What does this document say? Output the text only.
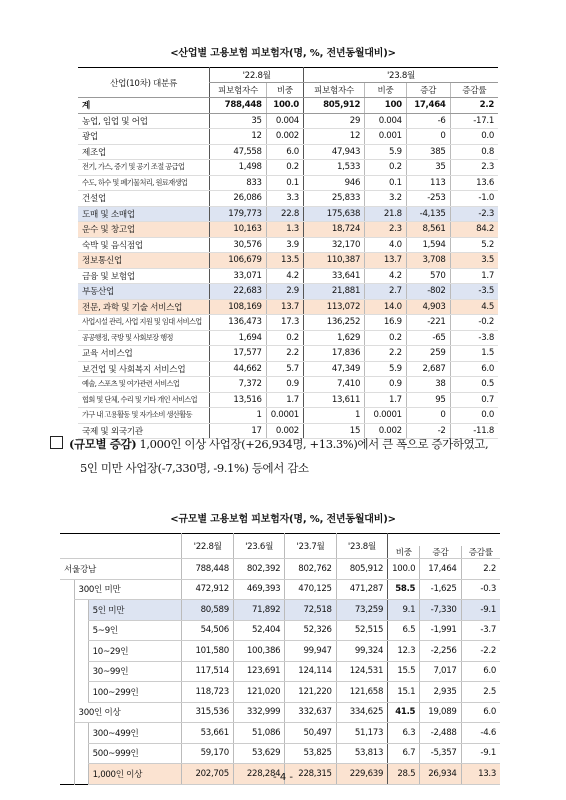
<산업별 고용보험 피보험자(명, %, 전년동월대비)>
산업(10차) 대분류	'22.8월		'23.8월			
	피보험자수	비중	피보험자수	비중	증감	증감률
계	788,448	100.0	805,912	100	17,464	2.2
농업, 임업 및 어업	35	0.004	29	0.004	-6	-17.1
광업	12	0.002	12	0.001	0	0.0
제조업	47,558	6.0	47,943	5.9	385	0.8
전기, 가스, 증기 및 공기 조절 공급업	1,498	0.2	1,533	0.2	35	2.3
수도, 하수 및 폐기물처리, 원료재생업	833	0.1	946	0.1	113	13.6
건설업	26,086	3.3	25,833	3.2	-253	-1.0
도매 및 소매업	179,773	22.8	175,638	21.8	-4,135	-2.3
운수 및 창고업	10,163	1.3	18,724	2.3	8,561	84.2
숙박 및 음식점업	30,576	3.9	32,170	4.0	1,594	5.2
정보통신업	106,679	13.5	110,387	13.7	3,708	3.5
금융 및 보험업	33,071	4.2	33,641	4.2	570	1.7
부동산업	22,683	2.9	21,881	2.7	-802	-3.5
전문, 과학 및 기술 서비스업	108,169	13.7	113,072	14.0	4,903	4.5
사업시설 관리, 사업 지원 및 임대 서비스업	136,473	17.3	136,252	16.9	-221	-0.2
공공행정, 국방 및 사회보장 행정	1,694	0.2	1,629	0.2	-65	-3.8
교육 서비스업	17,577	2.2	17,836	2.2	259	1.5
보건업 및 사회복지 서비스업	44,662	5.7	47,349	5.9	2,687	6.0
예술, 스포츠 및 여가관련 서비스업	7,372	0.9	7,410	0.9	38	0.5
협회 및 단체, 수리 및 기타 개인 서비스업	13,516	1.7	13,611	1.7	95	0.7
가구 내 고용활동 및 자가소비 생산활동	1	0.0001	1	0.0001	0	0.0
국제 및 외국기관	17	0.002	15	0.002	-2	-11.8
(규모별 증감) 1,000인 이상 사업장(+26,934명, +13.3%)에서 큰 폭으로 증가하였고,
5인 미만 사업장(-7,330명, -9.1%) 등에서 감소
<규모별 고용보험 피보험자(명, %, 전년동월대비)>
			'22.8월	'23.6월	'23.7월	'23.8월			
							비중	증감	증감률
서울강남			788,448	802,392	802,762	805,912	100.0	17,464	2.2
	300인 미만		472,912	469,393	470,125	471,287	58.5	-1,625	-0.3
		5인 미만	80,589	71,892	72,518	73,259	9.1	-7,330	-9.1
		5~9인	54,506	52,404	52,326	52,515	6.5	-1,991	-3.7
		10~29인	101,580	100,386	99,947	99,324	12.3	-2,256	-2.2
		30~99인	117,514	123,691	124,114	124,531	15.5	7,017	6.0
		100~299인	118,723	121,020	121,220	121,658	15.1	2,935	2.5
	300인 이상		315,536	332,999	332,637	334,625	41.5	19,089	6.0
		300~499인	53,661	51,086	50,497	51,173	6.3	-2,488	-4.6
		500~999인	59,170	53,629	53,825	53,813	6.7	-5,357	-9.1
		1,000인 이상	202,705	228,284	228,315	229,639	28.5	26,934	13.3
- 4 -
